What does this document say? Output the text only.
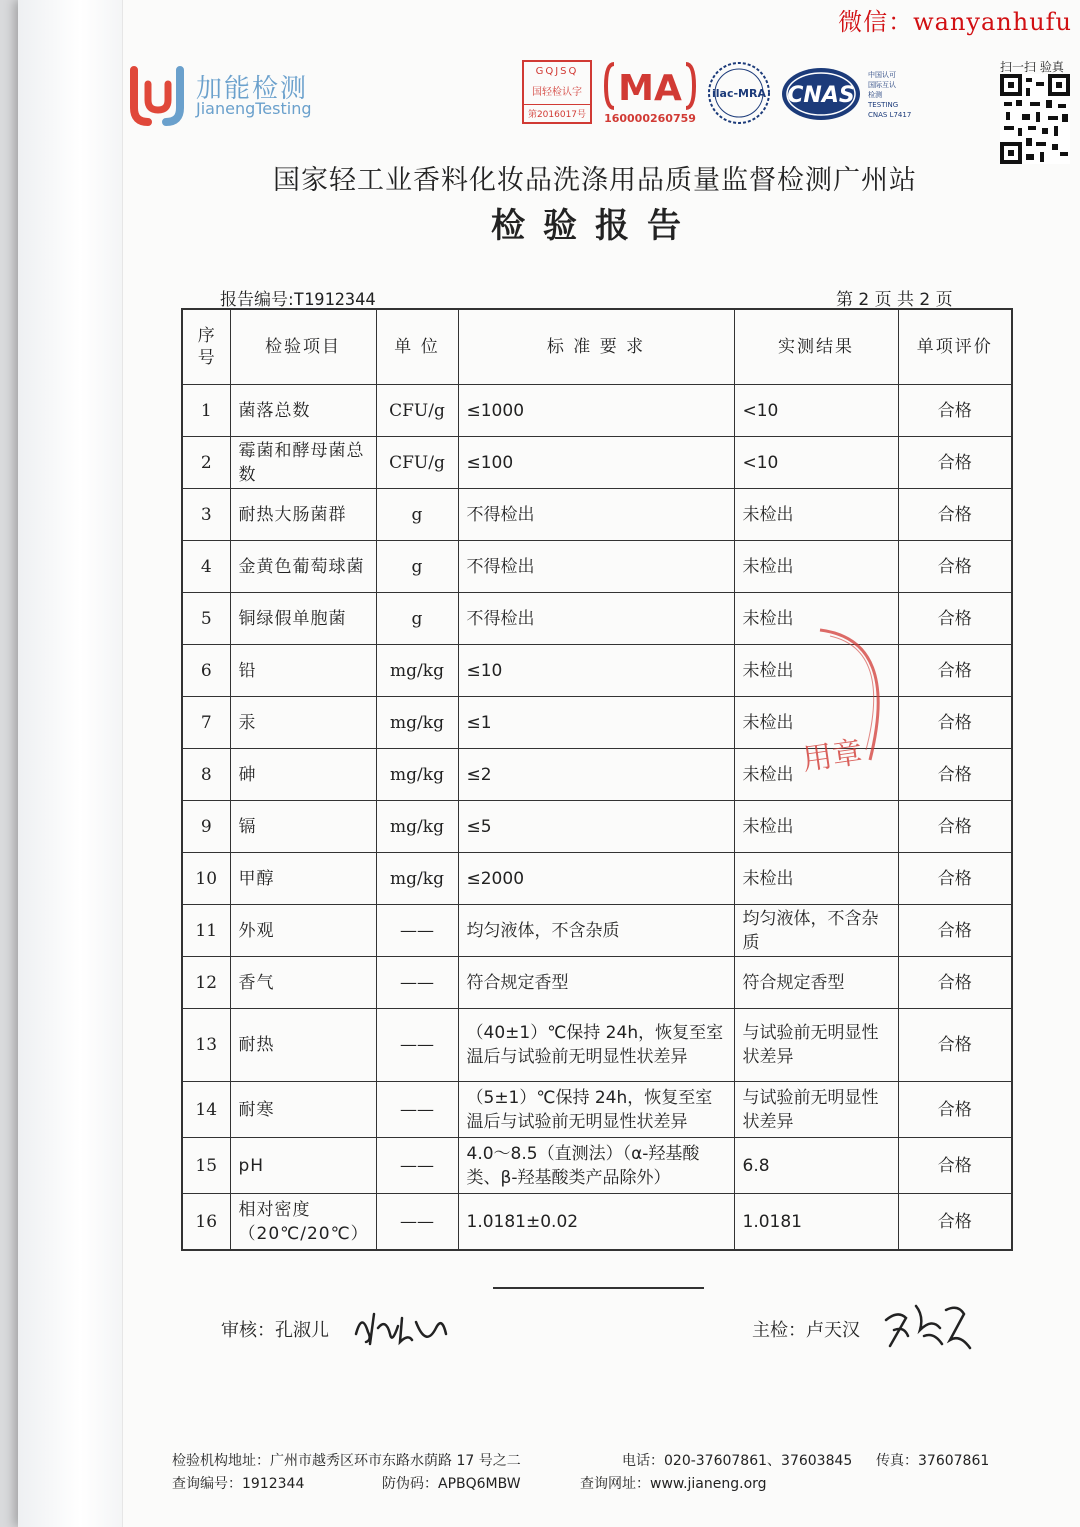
微信：wanyanhufu
加能检测
JianengTesting
GQJSQ
国轻检认字
第2016017号
MA
160000260759
ilac-MRA CNAS
中国认可
国际互认
检测
TESTING
CNAS L7417
扫一扫 验真
国家轻工业香料化妆品洗涤用品质量监督检测广州站
检验报告
报告编号:T1912344	第 2 页 共 2 页
序号	检验项目	单 位	标 准 要 求	实测结果	单项评价
1	菌落总数	CFU/g	≤1000	<10	合格
2	霉菌和酵母菌总数	CFU/g	≤100	<10	合格
3	耐热大肠菌群	g	不得检出	未检出	合格
4	金黄色葡萄球菌	g	不得检出	未检出	合格
5	铜绿假单胞菌	g	不得检出	未检出	合格
6	铅	mg/kg	≤10	未检出	合格
7	汞	mg/kg	≤1	未检出	合格
8	砷	mg/kg	≤2	未检出	合格
9	镉	mg/kg	≤5	未检出	合格
10	甲醇	mg/kg	≤2000	未检出	合格
11	外观	——	均匀液体，不含杂质	均匀液体，不含杂质	合格
12	香气	——	符合规定香型	符合规定香型	合格
13	耐热	——	（40±1）℃保持 24h，恢复至室温后与试验前无明显性状差异	与试验前无明显性状差异	合格
14	耐寒	——	（5±1）℃保持 24h，恢复至室温后与试验前无明显性状差异	与试验前无明显性状差异	合格
15	pH	——	4.0～8.5（直测法）（α-羟基酸类、β-羟基酸类产品除外）	6.8	合格
16	相对密度（20℃/20℃）	——	1.0181±0.02	1.0181	合格
用章
审核：孔淑儿	主检：卢天汉
检验机构地址：广州市越秀区环市东路水荫路 17 号之二	电话：020-37607861、37603845 传真：37607861
查询编号：1912344	防伪码：APBQ6MBW	查询网址：www.jianeng.org
